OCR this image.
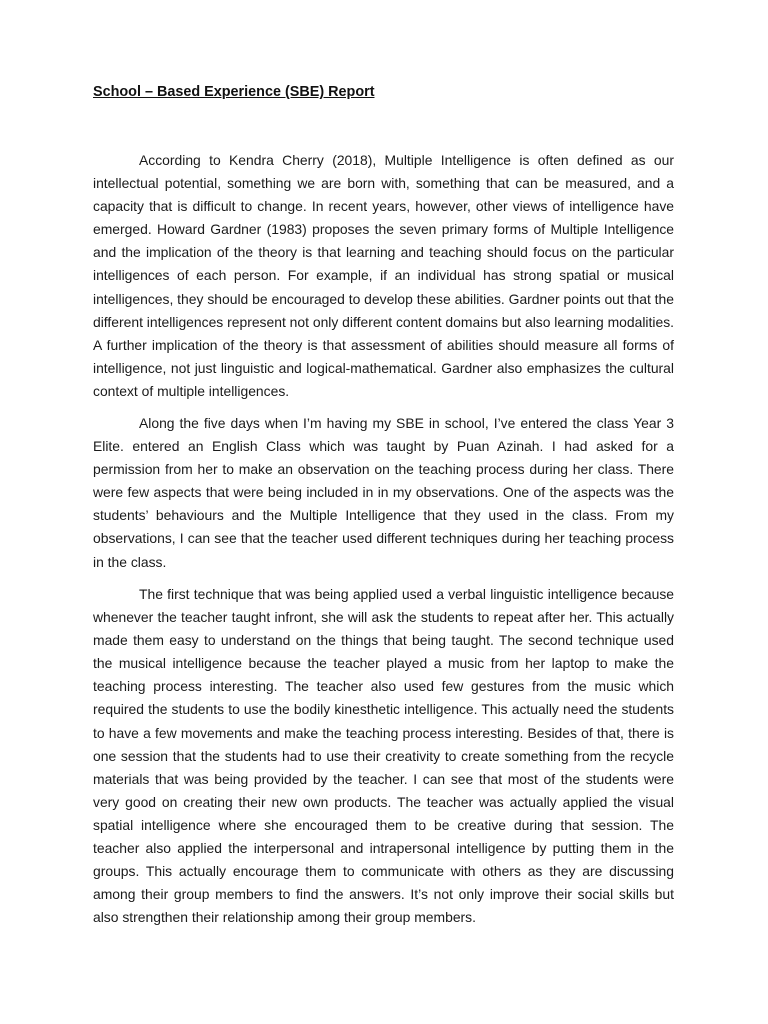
School – Based Experience (SBE) Report

According to Kendra Cherry (2018), Multiple Intelligence is often defined as our intellectual potential, something we are born with, something that can be measured, and a capacity that is difficult to change. In recent years, however, other views of intelligence have emerged. Howard Gardner (1983) proposes the seven primary forms of Multiple Intelligence and the implication of the theory is that learning and teaching should focus on the particular intelligences of each person. For example, if an individual has strong spatial or musical intelligences, they should be encouraged to develop these abilities. Gardner points out that the different intelligences represent not only different content domains but also learning modalities. A further implication of the theory is that assessment of abilities should measure all forms of intelligence, not just linguistic and logical-mathematical. Gardner also emphasizes the cultural context of multiple intelligences.

Along the five days when I’m having my SBE in school, I’ve entered the class Year 3 Elite. entered an English Class which was taught by Puan Azinah. I had asked for a permission from her to make an observation on the teaching process during her class. There were few aspects that were being included in in my observations. One of the aspects was the students’ behaviours and the Multiple Intelligence that they used in the class. From my observations, I can see that the teacher used different techniques during her teaching process in the class.

The first technique that was being applied used a verbal linguistic intelligence because whenever the teacher taught infront, she will ask the students to repeat after her. This actually made them easy to understand on the things that being taught. The second technique used the musical intelligence because the teacher played a music from her laptop to make the teaching process interesting. The teacher also used few gestures from the music which required the students to use the bodily kinesthetic intelligence. This actually need the students to have a few movements and make the teaching process interesting. Besides of that, there is one session that the students had to use their creativity to create something from the recycle materials that was being provided by the teacher. I can see that most of the students were very good on creating their new own products. The teacher was actually applied the visual spatial intelligence where she encouraged them to be creative during that session. The teacher also applied the interpersonal and intrapersonal intelligence by putting them in the groups. This actually encourage them to communicate with others as they are discussing among their group members to find the answers. It’s not only improve their social skills but also strengthen their relationship among their group members.
